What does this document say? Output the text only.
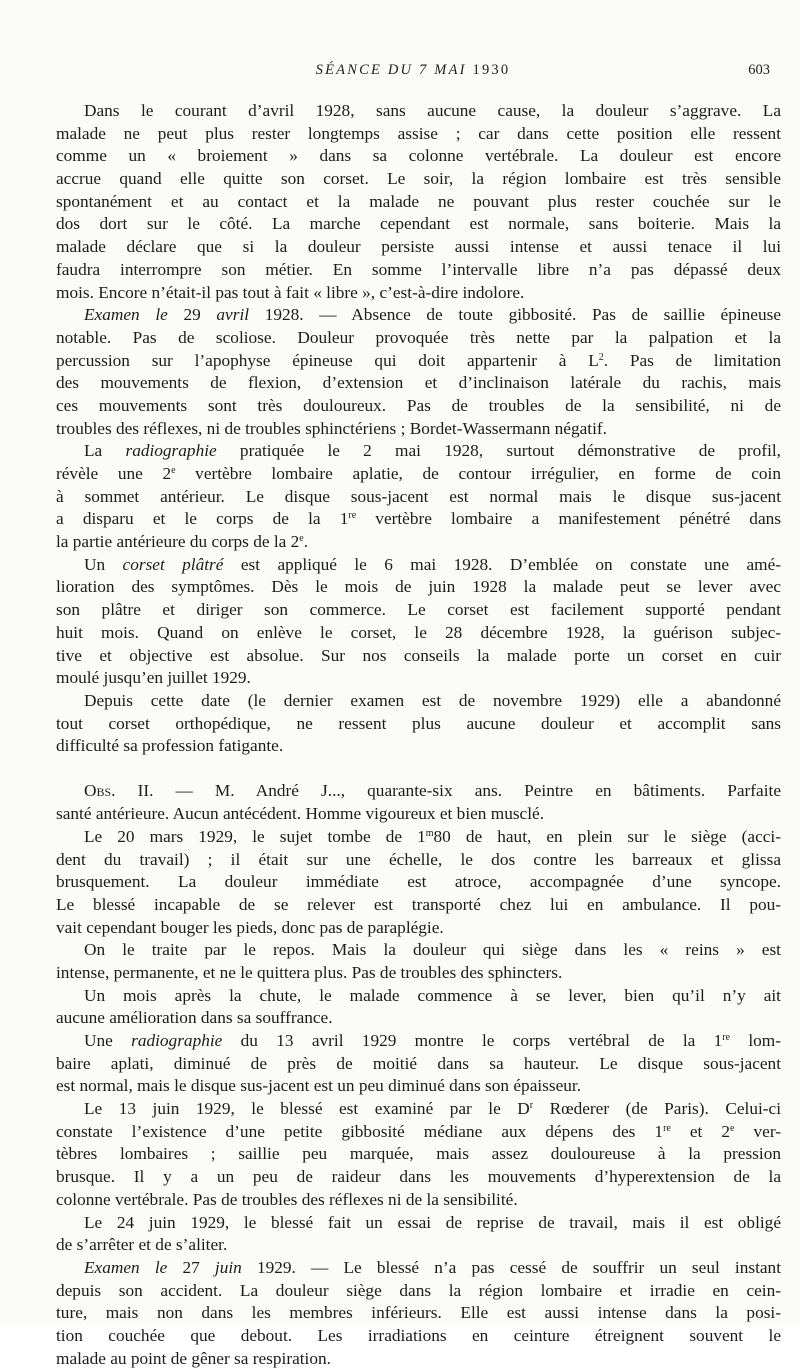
SÉANCE DU 7 MAI 1930	603
Dans le courant d’avril 1928, sans aucune cause, la douleur s’aggrave. La
malade ne peut plus rester longtemps assise ; car dans cette position elle ressent
comme un « broiement » dans sa colonne vertébrale. La douleur est encore
accrue quand elle quitte son corset. Le soir, la région lombaire est très sensible
spontanément et au contact et la malade ne pouvant plus rester couchée sur le
dos dort sur le côté. La marche cependant est normale, sans boiterie. Mais la
malade déclare que si la douleur persiste aussi intense et aussi tenace il lui
faudra interrompre son métier. En somme l’intervalle libre n’a pas dépassé deux
mois. Encore n’était-il pas tout à fait « libre », c’est-à-dire indolore.
Examen le 29 avril 1928. — Absence de toute gibbosité. Pas de saillie épineuse
notable. Pas de scoliose. Douleur provoquée très nette par la palpation et la
percussion sur l’apophyse épineuse qui doit appartenir à $L^2$. Pas de limitation
des mouvements de flexion, d’extension et d’inclinaison latérale du rachis, mais
ces mouvements sont très douloureux. Pas de troubles de la sensibilité, ni de
troubles des réflexes, ni de troubles sphinctériens ; Bordet-Wassermann négatif.
La radiographie pratiquée le 2 mai 1928, surtout démonstrative de profil,
révèle une 2e vertèbre lombaire aplatie, de contour irrégulier, en forme de coin
à sommet antérieur. Le disque sous-jacent est normal mais le disque sus-jacent
a disparu et le corps de la 1re vertèbre lombaire a manifestement pénétré dans
la partie antérieure du corps de la 2e.
Un corset plâtré est appliqué le 6 mai 1928. D’emblée on constate une amé-
lioration des symptômes. Dès le mois de juin 1928 la malade peut se lever avec
son plâtre et diriger son commerce. Le corset est facilement supporté pendant
huit mois. Quand on enlève le corset, le 28 décembre 1928, la guérison subjec-
tive et objective est absolue. Sur nos conseils la malade porte un corset en cuir
moulé jusqu’en juillet 1929.
Depuis cette date (le dernier examen est de novembre 1929) elle a abandonné
tout corset orthopédique, ne ressent plus aucune douleur et accomplit sans
difficulté sa profession fatigante.
Obs. II. — M. André J..., quarante-six ans. Peintre en bâtiments. Parfaite
santé antérieure. Aucun antécédent. Homme vigoureux et bien musclé.
Le 20 mars 1929, le sujet tombe de 1$^m$80 de haut, en plein sur le siège (acci-
dent du travail) ; il était sur une échelle, le dos contre les barreaux et glissa
brusquement. La douleur immédiate est atroce, accompagnée d’une syncope.
Le blessé incapable de se relever est transporté chez lui en ambulance. Il pou-
vait cependant bouger les pieds, donc pas de paraplégie.
On le traite par le repos. Mais la douleur qui siège dans les « reins » est
intense, permanente, et ne le quittera plus. Pas de troubles des sphincters.
Un mois après la chute, le malade commence à se lever, bien qu’il n’y ait
aucune amélioration dans sa souffrance.
Une radiographie du 13 avril 1929 montre le corps vertébral de la 1re lom-
baire aplati, diminué de près de moitié dans sa hauteur. Le disque sous-jacent
est normal, mais le disque sus-jacent est un peu diminué dans son épaisseur.
Le 13 juin 1929, le blessé est examiné par le $D^r$ Rœderer (de Paris). Celui-ci
constate l’existence d’une petite gibbosité médiane aux dépens des 1re et 2e ver-
tèbres lombaires ; saillie peu marquée, mais assez douloureuse à la pression
brusque. Il y a un peu de raideur dans les mouvements d’hyperextension de la
colonne vertébrale. Pas de troubles des réflexes ni de la sensibilité.
Le 24 juin 1929, le blessé fait un essai de reprise de travail, mais il est obligé
de s’arrêter et de s’aliter.
Examen le 27 juin 1929. — Le blessé n’a pas cessé de souffrir un seul instant
depuis son accident. La douleur siège dans la région lombaire et irradie en cein-
ture, mais non dans les membres inférieurs. Elle est aussi intense dans la posi-
tion couchée que debout. Les irradiations en ceinture étreignent souvent le
malade au point de gêner sa respiration.
